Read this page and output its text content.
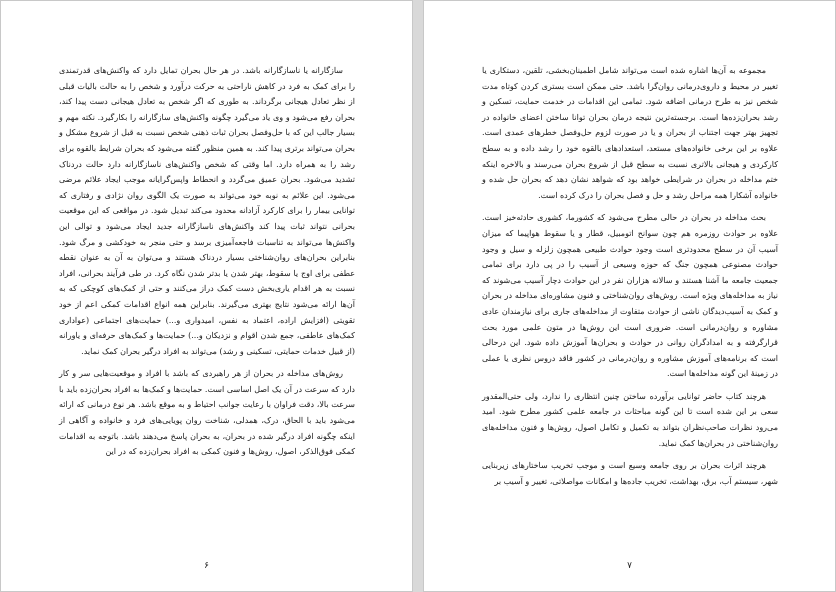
سازگارانه یا ناسازگارانه باشد. در هر حال بحران تمایل دارد که واکنش‌های قدرتمندی را برای کمک به فرد در کاهش ناراحتی به حرکت درآورد و شخص را به حالت بالیات قبلی از نظر تعادل هیجانی برگرداند. به طوری که اگر شخص به تعادل هیجانی دست پیدا کند، بحران رفع می‌شود و وی یاد می‌گیرد چگونه واکنش‌های سازگارانه را بکارگیرد. نکته مهم و بسیار جالب این که با حل‌وفصل بحران ثبات ذهنی شخص نسبت به قبل از شروع مشکل و بحران می‌تواند برتری پیدا کند. به همین منظور گفته می‌شود که بحران شرایط بالقوه برای رشد را به همراه دارد. اما وقتی که شخص واکنش‌های ناسازگارانه دارد حالت دردناک تشدید می‌شود. بحران عمیق می‌گردد و انحطاط واپس‌گرایانه موجب ایجاد علائم مرضی می‌شود. این علائم به نوبه خود می‌تواند به صورت یک الگوی روان نژادی و رفتاری که توانایی بیمار را برای کارکرد آزادانه محدود می‌کند تبدیل شود. در مواقعی که این موقعیت بحرانی نتواند ثبات پیدا کند واکنش‌های ناسازگارانه جدید ایجاد می‌شود و توالی این واکنش‌ها می‌تواند به تناسبات فاجعه‌آمیزی برسد و حتی منجر به خودکشی و مرگ شود. بنابراین بحران‌های روان‌شناختی بسیار دردناک هستند و می‌توان به آن به عنوان نقطه عطفی برای اوج یا سقوط، بهتر شدن یا بدتر شدن نگاه کرد. در طی فرآیند بحرانی، افراد نسبت به هر اقدام یاری‌بخش دست کمک دراز می‌کنند و حتی از کمک‌های کوچکی که به آن‌ها ارائه می‌شود نتایج بهتری می‌گیرند. بنابراین همه انواع اقدامات کمکی اعم از خود تقویتی (افزایش اراده، اعتماد به نفس، امیدواری و...) حمایت‌های اجتماعی (عواداری کمک‌های عاطفی، جمع شدن اقوام و نزدیکان و...) حمایت‌ها و کمک‌های حرفه‌ای و یاورانه (از قبیل خدمات حمایتی، تسکینی و رشد) می‌تواند به افراد درگیر بحران کمک نماید.

روش‌های مداخله در بحران از هر راهبردی که باشد با افراد و موقعیت‌هایی سر و کار دارد که سرعت در آن یک اصل اساسی است. حمایت‌ها و کمک‌ها به افراد بحران‌زده باید با سرعت بالا، دقت فراوان با رعایت جوانب احتیاط و به موقع باشد. هر نوع درمانی که ارائه می‌شود باید با الحاق، درک، همدلی، شناخت روان پویایی‌های فرد و خانواده و آگاهی از اینکه چگونه افراد درگیر شده در بحران، به بحران پاسخ می‌دهند باشد. باتوجه به اقدامات کمکی فوق‌الذکر، اصول، روش‌ها و فنون کمکی به افراد بحران‌زده که در این

۶

مجموعه به آن‌ها اشاره شده است می‌تواند شامل اطمینان‌بخشی، تلقین، دستکاری یا تغییر در محیط و داروی‌درمانی روان‌گرا باشد. حتی ممکن است بستری کردن کوتاه مدت شخص نیز به طرح درمانی اضافه شود. تمامی این اقدامات در خدمت حمایت، تسکین و رشد بحران‌زده‌ها است. برجسته‌ترین نتیجه درمان بحران توانا ساختن اعضای خانواده در تجهیز بهتر جهت اجتناب از بحران و یا در صورت لزوم حل‌وفصل خطرهای عمدی است. علاوه بر این برخی خانواده‌های مستعد، استعدادهای بالقوه خود را رشد داده و به سطح کارکردی و هیجانی بالاتری نسبت به سطح قبل از شروع بحران می‌رسند و بالاخره اینکه ختم مداخله در بحران در شرایطی خواهد بود که شواهد نشان دهد که بحران حل شده و خانواده آشکارا همه مراحل رشد و حل و فصل بحران را درک کرده است.

بحث مداخله در بحران در حالی مطرح می‌شود که کشورما، کشوری حادثه‌خیز است. علاوه بر حوادث روزمره هم چون سوانح اتومبیل، قطار و یا سقوط هواپیما که میزان آسیب آن در سطح محدودتری است وجود حوادث طبیعی همچون زلزله و سیل و وجود حوادث مصنوعی همچون جنگ که حوزه وسیعی از آسیب را در پی دارد برای تمامی جمعیت جامعه ما آشنا هستند و سالانه هزاران نفر در این حوادث دچار آسیب می‌شوند که نیاز به مداخله‌های ویژه است. روش‌های روان‌شناختی و فنون مشاوره‌ای مداخله در بحران و کمک به آسیب‌دیدگان ناشی از حوادث متفاوت از مداخله‌های جاری برای نیازمندان عادی مشاوره و روان‌درمانی است. ضروری است این روش‌ها در متون علمی مورد بحث قرارگرفته و به امدادگران روانی در حوادث و بحران‌ها آموزش داده شود. این درحالی است که برنامه‌های آموزش مشاوره و روان‌درمانی در کشور فاقد دروس نظری یا عملی در زمینهٔ این گونه مداخله‌ها است.

هرچند کتاب حاضر توانایی برآورده ساختن چنین انتظاری را ندارد، ولی حتی‌المقدور سعی بر این شده است تا این گونه مباحثات در جامعه علمی کشور مطرح شود. امید می‌رود نظرات صاحب‌نظران بتواند به تکمیل و تکامل اصول، روش‌ها و فنون مداخله‌های روان‌شناختی در بحران‌ها کمک نماید.

هرچند اثرات بحران بر روی جامعه وسیع است و موجب تخریب ساختارهای زیربنایی شهر، سیستم آب، برق، بهداشت، تخریب جاده‌ها و امکانات مواصلاتی، تغییر و آسیب بر

۷
